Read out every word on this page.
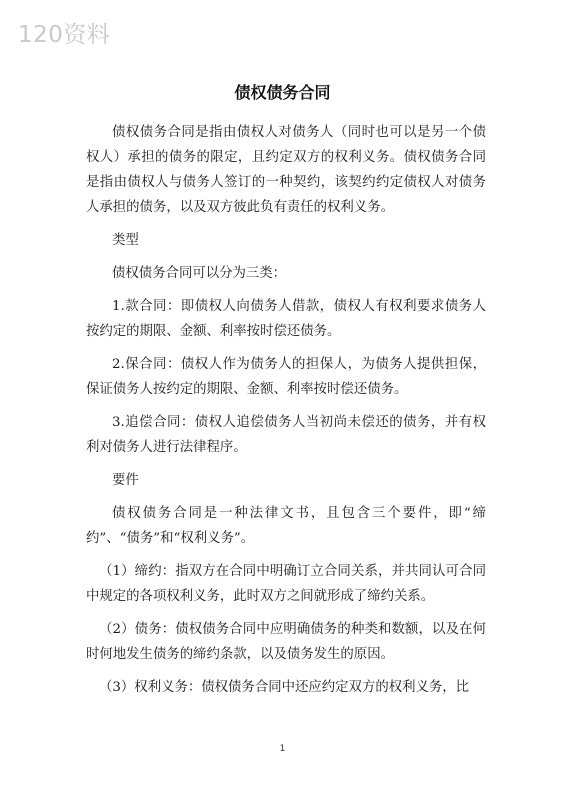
120资料
债权债务合同

债权债务合同是指由债权人对债务人（同时也可以是另一个债权人）承担的债务的限定，且约定双方的权利义务。债权债务合同是指由债权人与债务人签订的一种契约，该契约约定债权人对债务人承担的债务，以及双方彼此负有责任的权利义务。

类型

债权债务合同可以分为三类：

1.款合同：即债权人向债务人借款，债权人有权利要求债务人按约定的期限、金额、利率按时偿还债务。

2.保合同：债权人作为债务人的担保人，为债务人提供担保，保证债务人按约定的期限、金额、利率按时偿还债务。

3.追偿合同：债权人追偿债务人当初尚未偿还的债务，并有权利对债务人进行法律程序。

要件

债权债务合同是一种法律文书，且包含三个要件，即“缔约”、“债务”和“权利义务”。

（1）缔约：指双方在合同中明确订立合同关系，并共同认可合同中规定的各项权利义务，此时双方之间就形成了缔约关系。

（2）债务：债权债务合同中应明确债务的种类和数额，以及在何时何地发生债务的缔约条款，以及债务发生的原因。

（3）权利义务：债权债务合同中还应约定双方的权利义务，比

1
